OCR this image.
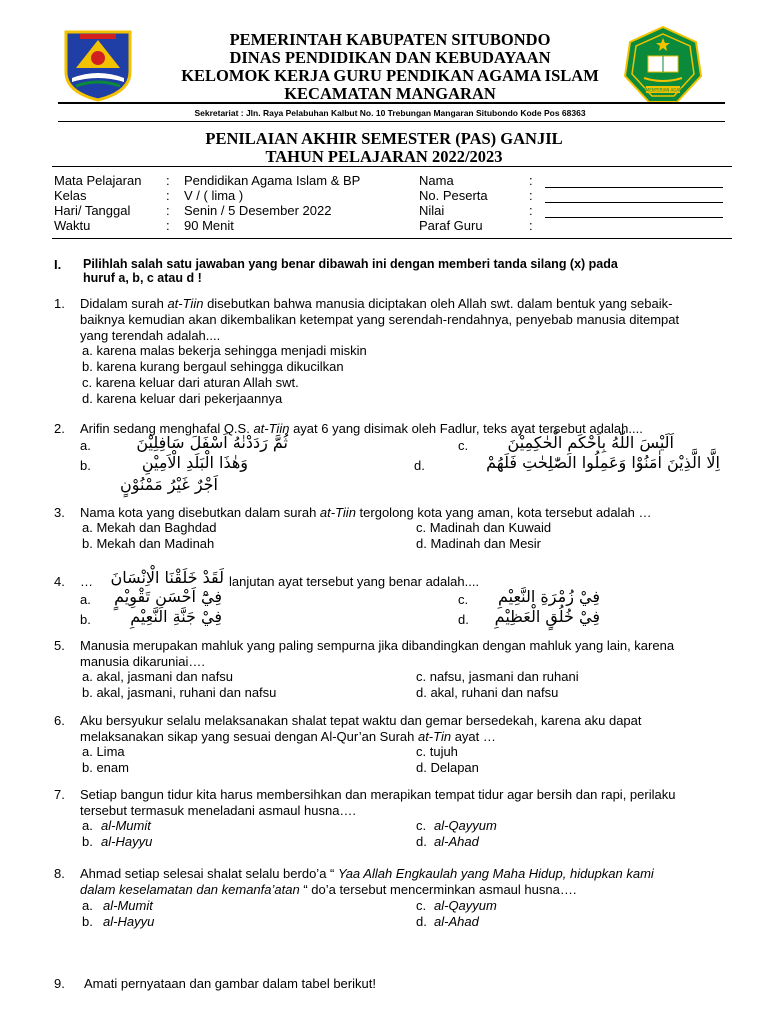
KEMENTERIAN AGAMA
PEMERINTAH KABUPATEN SITUBONDO
DINAS PENDIDIKAN DAN KEBUDAYAAN
KELOMOK KERJA GURU PENDIKAN AGAMA ISLAM
KECAMATAN MANGARAN
Sekretariat : Jln. Raya Pelabuhan Kalbut No. 10 Trebungan Mangaran Situbondo Kode Pos 68363
PENILAIAN AKHIR SEMESTER (PAS) GANJIL
TAHUN PELAJARAN 2022/2023
Mata Pelajaran : Pendidikan Agama Islam & BP
Kelas	: V / ( lima )
Hari/ Tanggal	: Senin / 5 Desember 2022
Waktu	: 90 Menit
Nama	:
No. Peserta	:
Nilai	:
Paraf Guru	:
I. Pilihlah salah satu jawaban yang benar dibawah ini dengan memberi tanda silang (x) pada
huruf a, b, c atau d !
1. Didalam surah at-Tiin disebutkan bahwa manusia diciptakan oleh Allah swt. dalam bentuk yang sebaik-
baiknya kemudian akan dikembalikan ketempat yang serendah-rendahnya, penyebab manusia ditempat
yang terendah adalah....
a. karena malas bekerja sehingga menjadi miskin
b. karena kurang bergaul sehingga dikucilkan
c. karena keluar dari aturan Allah swt.
d. karena keluar dari pekerjaannya
2. Arifin sedang menghafal Q.S. at-Tiin ayat 6 yang disimak oleh Fadlur, teks ayat tersebut adalah....
a.	ثُمَّ رَدَدْنٰهُ اَسْفَلَ سَافِلِيْنَ	c.	اَلَيْسَ اللّٰهُ بِاَحْكَمِ الْحٰكِمِيْنَ
b.	وَهٰذَا الْبَلَدِ الْاَمِيْنِ	d.	اِلَّا الَّذِيْنَ اٰمَنُوْا وَعَمِلُوا الصّٰلِحٰتِ فَلَهُمْ
اَجْرٌ غَيْرُ مَمْنُوْنٍ
3. Nama kota yang disebutkan dalam surah at-Tiin tergolong kota yang aman, kota tersebut adalah …
a. Mekah dan Baghdad
b. Mekah dan Madinah
c. Madinah dan Kuwaid
d. Madinah dan Mesir
4. …	لَقَدْ خَلَقْنَا الْاِنْسَانَ lanjutan ayat tersebut yang benar adalah....
a.	فِيْٓ اَحْسَنِ تَقْوِيْمٍ	c.	فِيْ زُمْرَةِ النَّعِيْمِ
b.	فِيْ جَنَّةِ النَّعِيْمِ	d.	فِيْ خُلُقٍ الْعَظِيْمِ
5. Manusia merupakan mahluk yang paling sempurna jika dibandingkan dengan mahluk yang lain, karena
manusia dikaruniai….
a. akal, jasmani dan nafsu
b. akal, jasmani, ruhani dan nafsu
c. nafsu, jasmani dan ruhani
d. akal, ruhani dan nafsu
6. Aku bersyukur selalu melaksanakan shalat tepat waktu dan gemar bersedekah, karena aku dapat
melaksanakan sikap yang sesuai dengan Al-Qur’an Surah at-Tin ayat …
a. Lima
b. enam
c. tujuh
d. Delapan
7. Setiap bangun tidur kita harus membersihkan dan merapikan tempat tidur agar bersih dan rapi, perilaku
tersebut termasuk meneladani asmaul husna….
a. al-Mumit
b. al-Hayyu
c. al-Qayyum
d. al-Ahad
8. Ahmad setiap selesai shalat selalu berdo’a “ Yaa Allah Engkaulah yang Maha Hidup, hidupkan kami
dalam keselamatan dan kemanfa’atan “ do’a tersebut mencerminkan asmaul husna….
a. al-Mumit
b. al-Hayyu
c. al-Qayyum
d. al-Ahad
9. Amati pernyataan dan gambar dalam tabel berikut!
